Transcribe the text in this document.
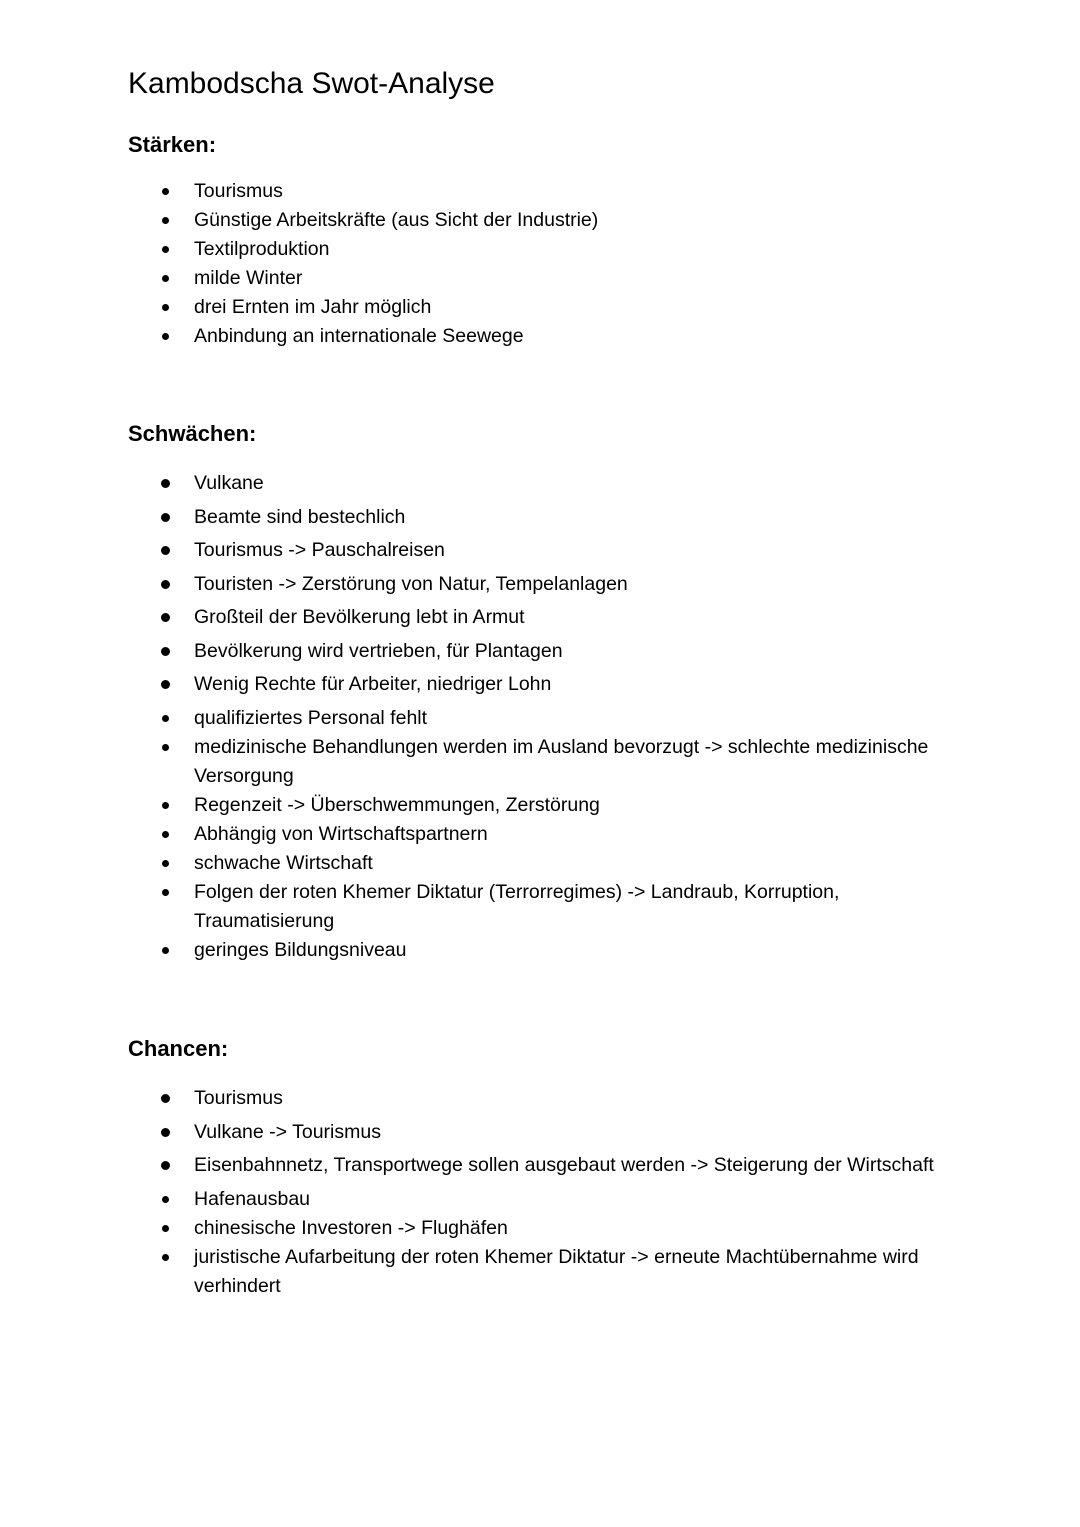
Kambodscha Swot-Analyse
Stärken:
Tourismus
Günstige Arbeitskräfte (aus Sicht der Industrie)
Textilproduktion
milde Winter
drei Ernten im Jahr möglich
Anbindung an internationale Seewege
Schwächen:
Vulkane
Beamte sind bestechlich
Tourismus -> Pauschalreisen
Touristen -> Zerstörung von Natur, Tempelanlagen
Großteil der Bevölkerung lebt in Armut
Bevölkerung wird vertrieben, für Plantagen
Wenig Rechte für Arbeiter, niedriger Lohn
qualifiziertes Personal fehlt
medizinische Behandlungen werden im Ausland bevorzugt -> schlechte medizinische Versorgung
Regenzeit -> Überschwemmungen, Zerstörung
Abhängig von Wirtschaftspartnern
schwache Wirtschaft
Folgen der roten Khemer Diktatur (Terrorregimes) -> Landraub, Korruption, Traumatisierung
geringes Bildungsniveau
Chancen:
Tourismus
Vulkane -> Tourismus
Eisenbahnnetz, Transportwege sollen ausgebaut werden -> Steigerung der Wirtschaft
Hafenausbau
chinesische Investoren -> Flughäfen
juristische Aufarbeitung der roten Khemer Diktatur -> erneute Machtübernahme wird verhindert
